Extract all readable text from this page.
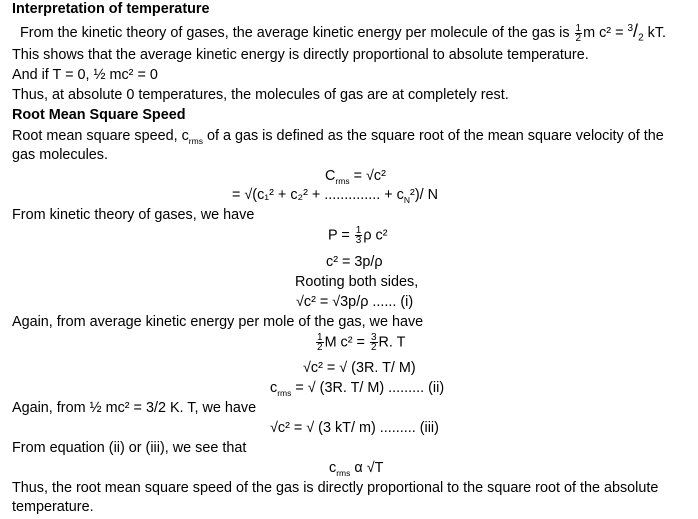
Interpretation of temperature
From the kinetic theory of gases, the average kinetic energy per molecule of the gas is $\frac{1}{2}$ m $c^2 = ^3/_2$ kT.
This shows that the average kinetic energy is directly proportional to absolute temperature.
And if T = 0, ½ mc² = 0
Thus, at absolute 0 temperatures, the molecules of gas are at completely rest.
Root Mean Square Speed
Root mean square speed, $c_{rms}$ of a gas is defined as the square root of the mean square velocity of the
gas molecules.
$C_{rms} = √c^2$
= √(c₁² + c₂² + .............. + $c_N^2)/$ N
From kinetic theory of gases, we have
$P = \frac{1}{3}$ ρ c²
c² = 3p/ρ
Rooting both sides,
√c² = √3p/ρ ...... (i)
Again, from average kinetic energy per mole of the gas, we have
$\frac{1}{2}$ M $c^2 = \frac{3}{2} R$. T
√c² = √ (3R. T/ M)
$c_{rms}$ = √ (3R. T/ M) ......... (ii)
Again, from ½ mc² = 3/2 K. T, we have
√c² = √ (3 kT/ m) ......... (iii)
From equation (ii) or (iii), we see that
$c_{rms}$ α √T
Thus, the root mean square speed of the gas is directly proportional to the square root of the absolute
temperature.
